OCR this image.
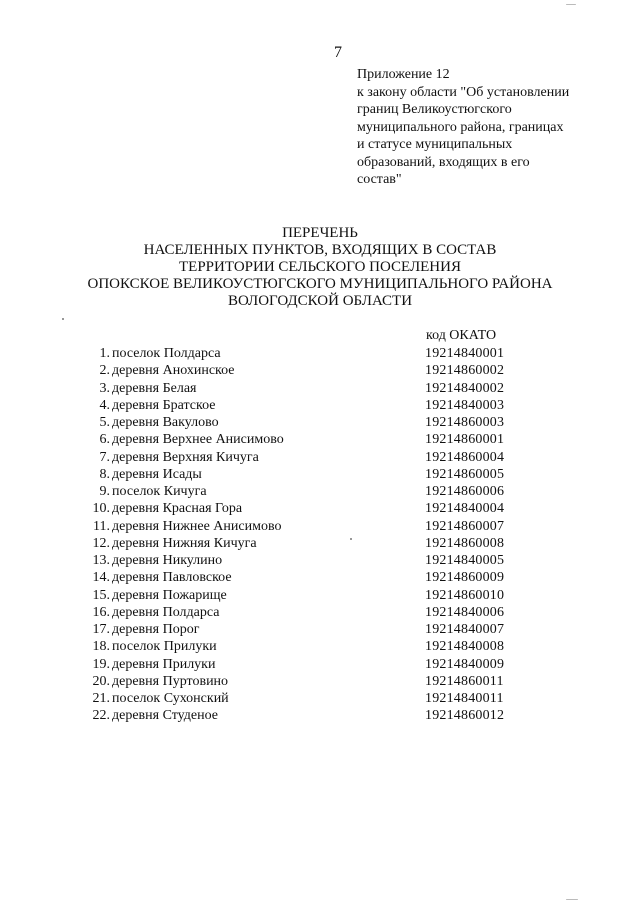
7
Приложение 12
к закону области "Об установлении
границ Великоустюгского
муниципального района, границах
и статусе муниципальных
образований, входящих в его
состав"
ПЕРЕЧЕНЬ
НАСЕЛЕННЫХ ПУНКТОВ, ВХОДЯЩИХ В СОСТАВ
ТЕРРИТОРИИ СЕЛЬСКОГО ПОСЕЛЕНИЯ
ОПОКСКОЕ ВЕЛИКОУСТЮГСКОГО МУНИЦИПАЛЬНОГО РАЙОНА
ВОЛОГОДСКОЙ ОБЛАСТИ
код ОКАТО
1. поселок Полдарса	19214840001
2. деревня Анохинское	19214860002
3. деревня Белая	19214840002
4. деревня Братское	19214840003
5. деревня Вакулово	19214860003
6. деревня Верхнее Анисимово	19214860001
7. деревня Верхняя Кичуга	19214860004
8. деревня Исады	19214860005
9. поселок Кичуга	19214860006
10. деревня Красная Гора	19214840004
11. деревня Нижнее Анисимово	19214860007
12. деревня Нижняя Кичуга	19214860008
13. деревня Никулино	19214840005
14. деревня Павловское	19214860009
15. деревня Пожарище	19214860010
16. деревня Полдарса	19214840006
17. деревня Порог	19214840007
18. поселок Прилуки	19214840008
19. деревня Прилуки	19214840009
20. деревня Пуртовино	19214860011
21. поселок Сухонский	19214840011
22. деревня Студеное	19214860012
